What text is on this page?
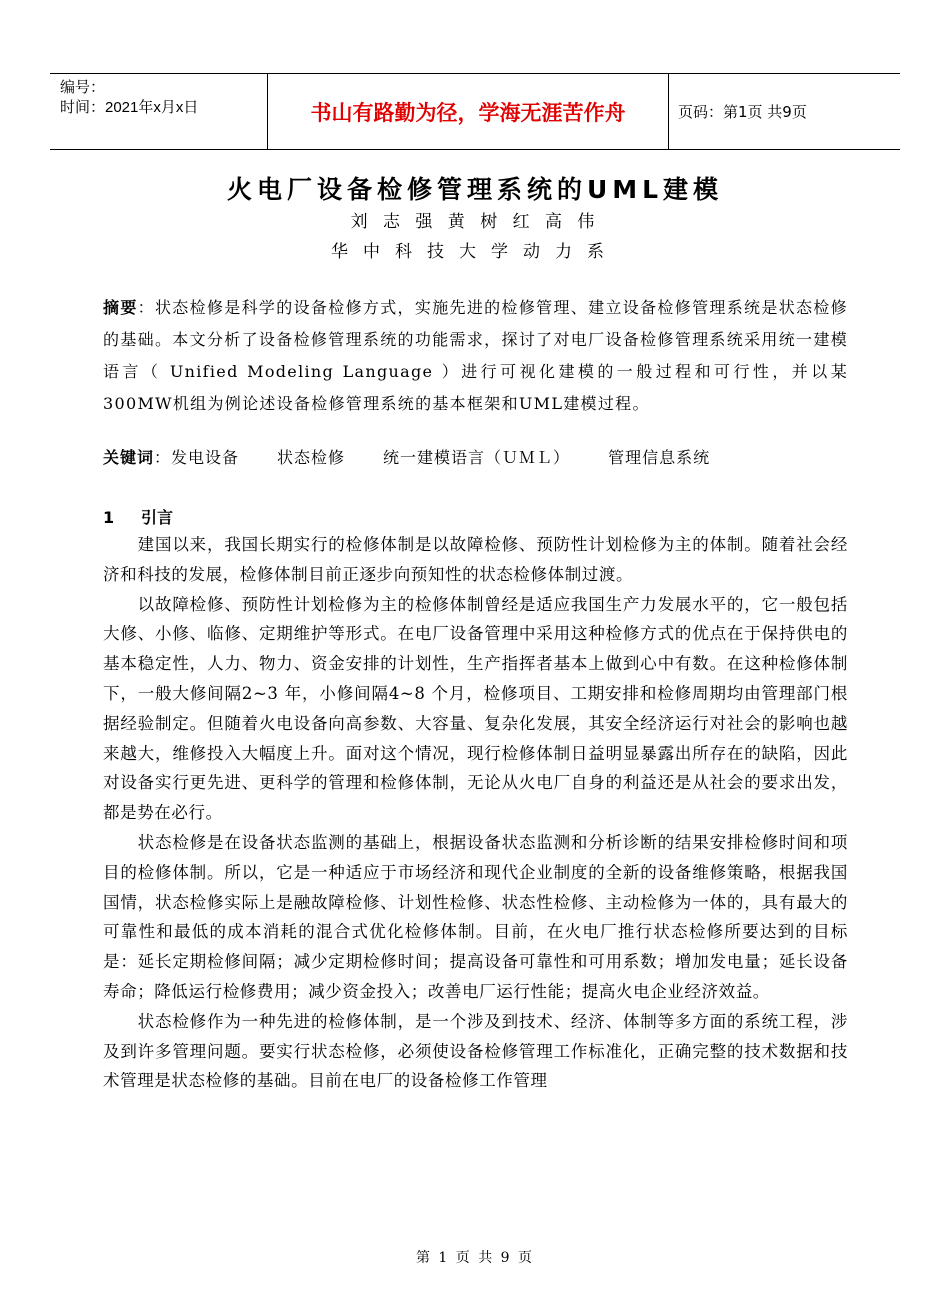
编号：
时间：2021年x月x日	书山有路勤为径，学海无涯苦作舟	页码：第1页 共9页
火电厂设备检修管理系统的UML建模
刘 志 强 黄 树 红 高 伟
华中科技大学动力系
摘要：状态检修是科学的设备检修方式，实施先进的检修管理、建立设备检修管理系统是状态检修的基础。本文分析了设备检修管理系统的功能需求，探讨了对电厂设备检修管理系统采用统一建模语言（ Unified Modeling Language ）进行可视化建模的一般过程和可行性，并以某300MW机组为例论述设备检修管理系统的基本框架和UML建模过程。
关键词：发电设备 状态检修 统一建模语言（ＵＭＬ） 管理信息系统
1 引言

　　建国以来，我国长期实行的检修体制是以故障检修、预防性计划检修为主的体制。随着社会经济和科技的发展，检修体制目前正逐步向预知性的状态检修体制过渡。

　　以故障检修、预防性计划检修为主的检修体制曾经是适应我国生产力发展水平的，它一般包括大修、小修、临修、定期维护等形式。在电厂设备管理中采用这种检修方式的优点在于保持供电的基本稳定性，人力、物力、资金安排的计划性，生产指挥者基本上做到心中有数。在这种检修体制下，一般大修间隔2~3 年，小修间隔4~8 个月，检修项目、工期安排和检修周期均由管理部门根据经验制定。但随着火电设备向高参数、大容量、复杂化发展，其安全经济运行对社会的影响也越来越大，维修投入大幅度上升。面对这个情况，现行检修体制日益明显暴露出所存在的缺陷，因此对设备实行更先进、更科学的管理和检修体制，无论从火电厂自身的利益还是从社会的要求出发，都是势在必行。

　　状态检修是在设备状态监测的基础上，根据设备状态监测和分析诊断的结果安排检修时间和项目的检修体制。所以，它是一种适应于市场经济和现代企业制度的全新的设备维修策略，根据我国国情，状态检修实际上是融故障检修、计划性检修、状态性检修、主动检修为一体的，具有最大的可靠性和最低的成本消耗的混合式优化检修体制。目前，在火电厂推行状态检修所要达到的目标是：延长定期检修间隔；减少定期检修时间；提高设备可靠性和可用系数；增加发电量；延长设备寿命；降低运行检修费用；减少资金投入；改善电厂运行性能；提高火电企业经济效益。

　　状态检修作为一种先进的检修体制，是一个涉及到技术、经济、体制等多方面的系统工程，涉及到许多管理问题。要实行状态检修，必须使设备检修管理工作标准化，正确完整的技术数据和技术管理是状态检修的基础。目前在电厂的设备检修工作管理

第 1 页 共 9 页
